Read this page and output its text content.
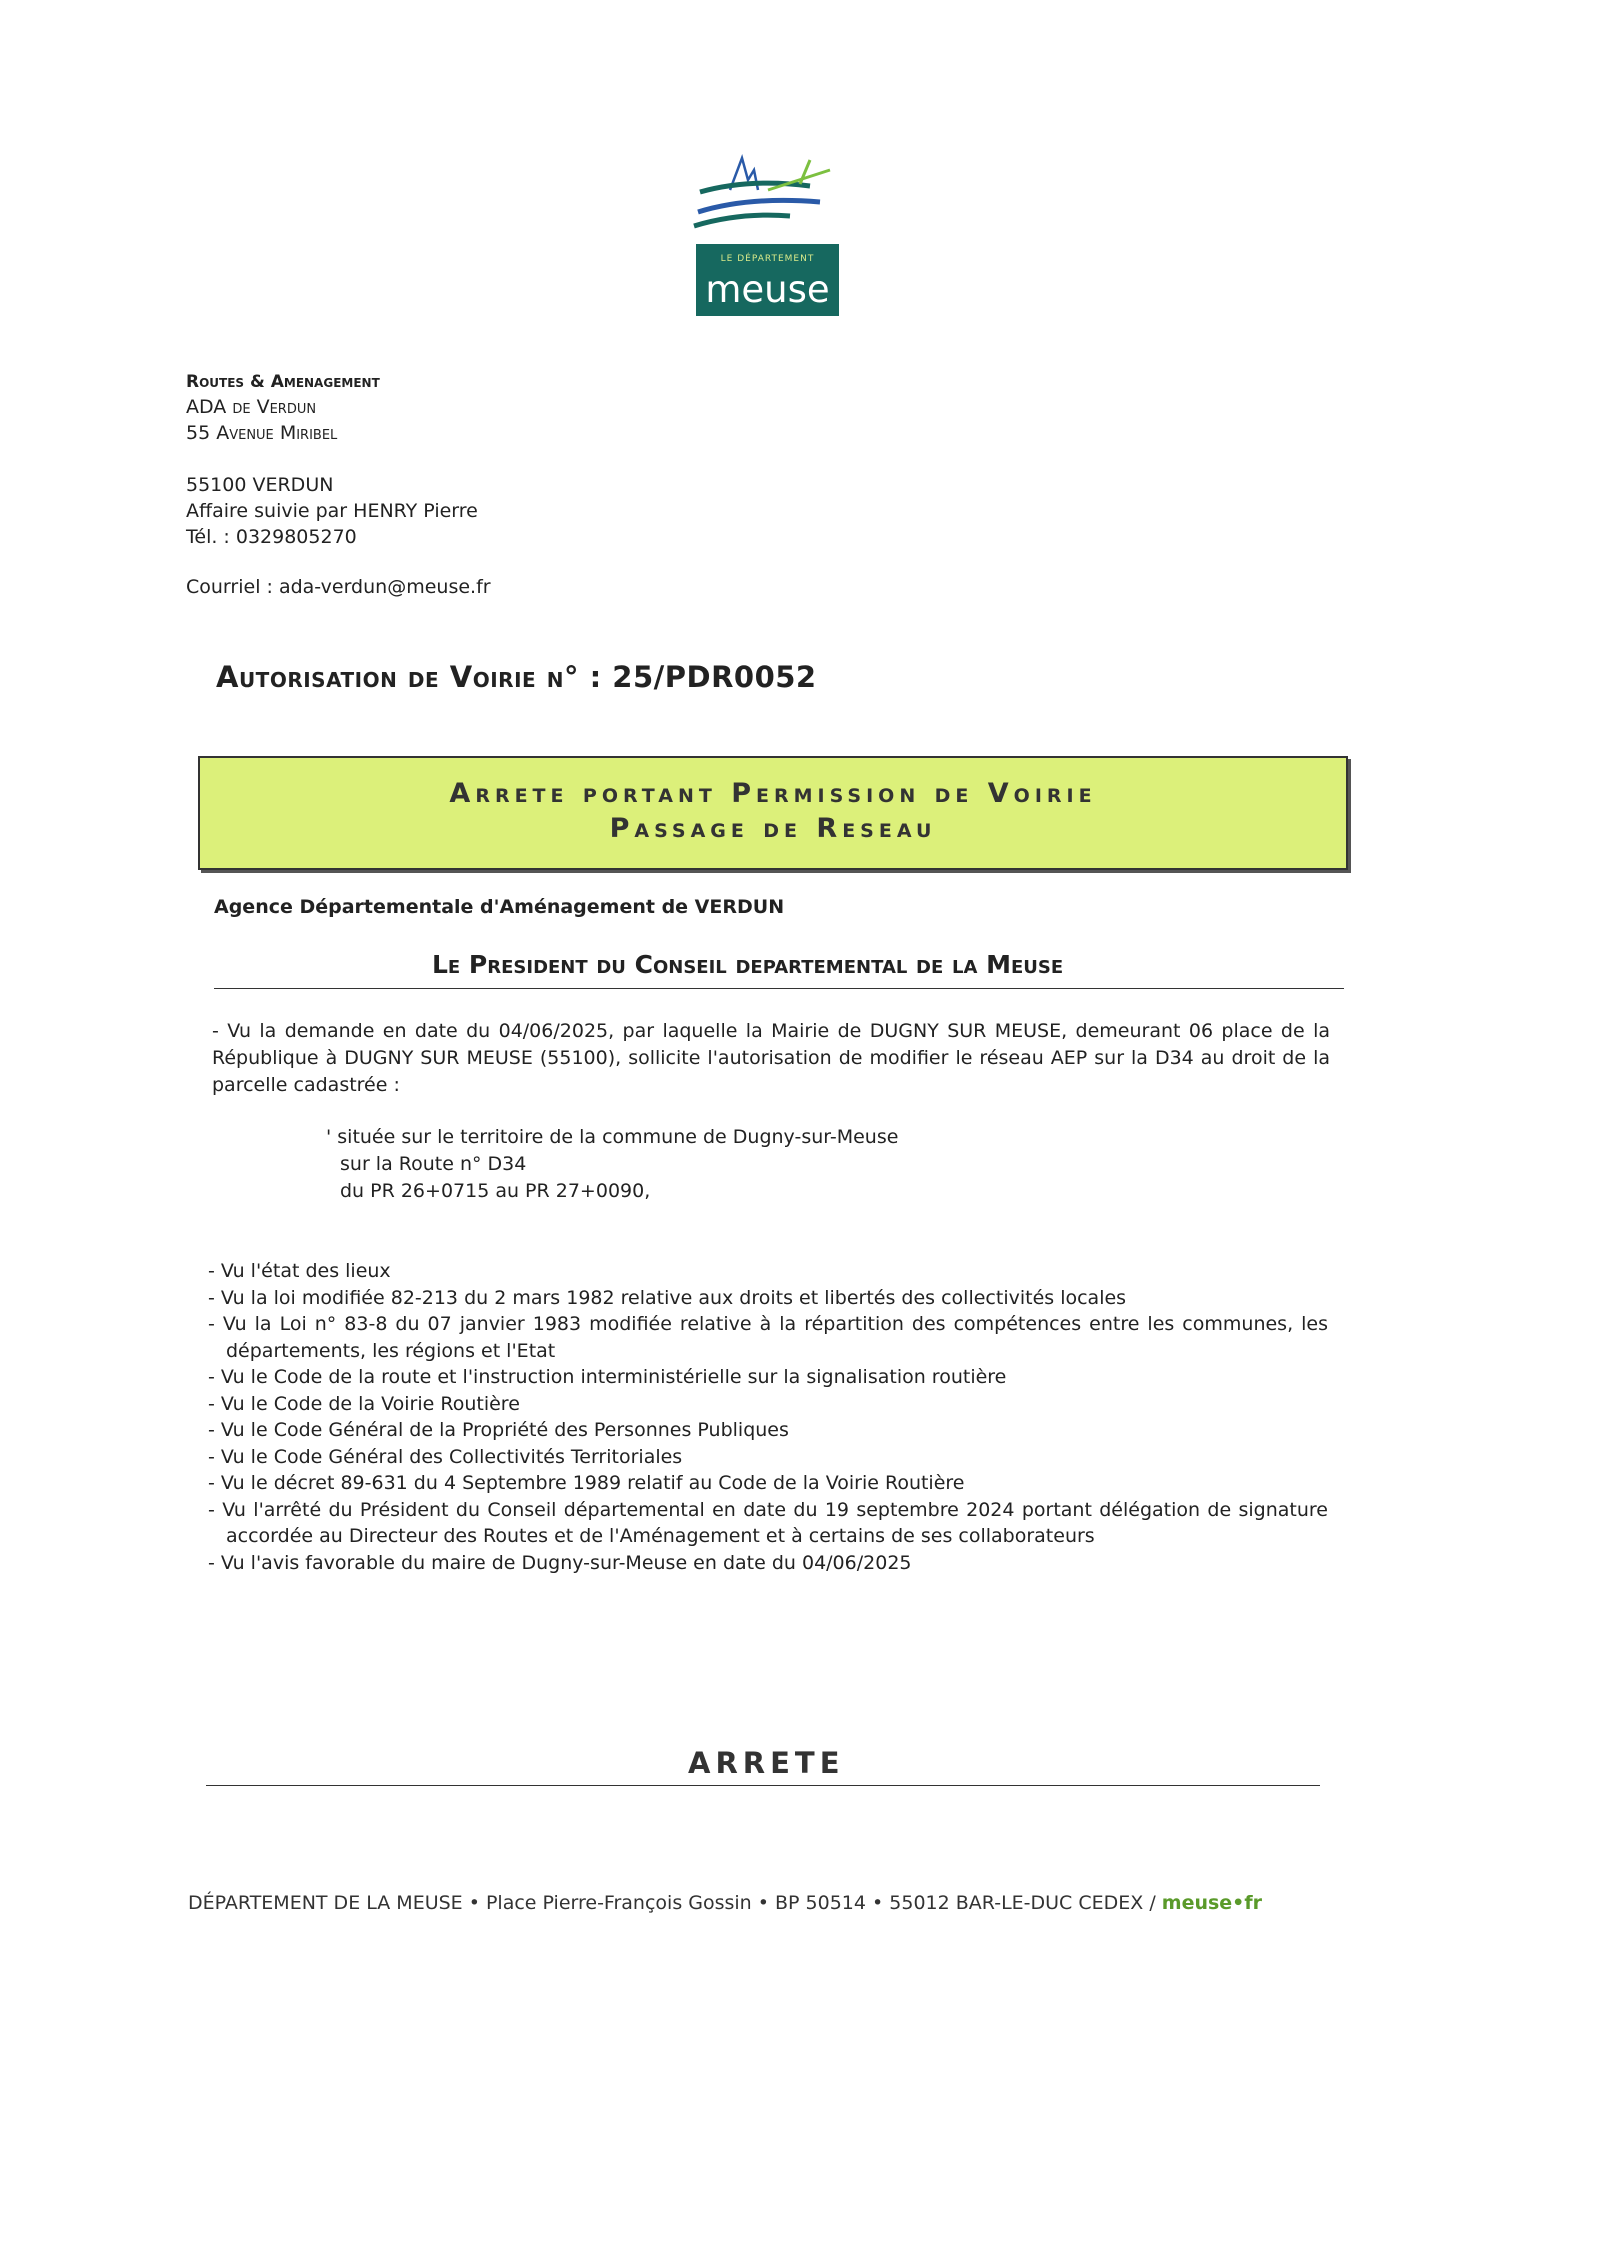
LE DÉPARTEMENT
meuse
Routes & Amenagement
ADA de Verdun
55 Avenue Miribel
55100 VERDUN
Affaire suivie par HENRY Pierre
Tél. : 0329805270
Courriel : ada-verdun@meuse.fr
Autorisation de Voirie n° : 25/PDR0052
Arrete portant Permission de Voirie
Passage de Reseau
Agence Départementale d'Aménagement de VERDUN
Le President du Conseil departemental de la Meuse
- Vu la demande en date du 04/06/2025, par laquelle la Mairie de DUGNY SUR MEUSE, demeurant 06 place de la République à DUGNY SUR MEUSE (55100), sollicite l'autorisation de modifier le réseau AEP sur la D34 au droit de la parcelle cadastrée :
' située sur le territoire de la commune de Dugny-sur-Meuse
sur la Route n° D34
du PR 26+0715 au PR 27+0090,
- Vu l'état des lieux
- Vu la loi modifiée 82-213 du 2 mars 1982 relative aux droits et libertés des collectivités locales
- Vu la Loi n° 83-8 du 07 janvier 1983 modifiée relative à la répartition des compétences entre les communes, les départements, les régions et l'Etat
- Vu le Code de la route et l'instruction interministérielle sur la signalisation routière
- Vu le Code de la Voirie Routière
- Vu le Code Général de la Propriété des Personnes Publiques
- Vu le Code Général des Collectivités Territoriales
- Vu le décret 89-631 du 4 Septembre 1989 relatif au Code de la Voirie Routière
- Vu l'arrêté du Président du Conseil départemental en date du 19 septembre 2024 portant délégation de signature accordée au Directeur des Routes et de l'Aménagement et à certains de ses collaborateurs
- Vu l'avis favorable du maire de Dugny-sur-Meuse en date du 04/06/2025
ARRETE
DÉPARTEMENT DE LA MEUSE • Place Pierre-François Gossin • BP 50514 • 55012 BAR-LE-DUC CEDEX / meuse•fr
